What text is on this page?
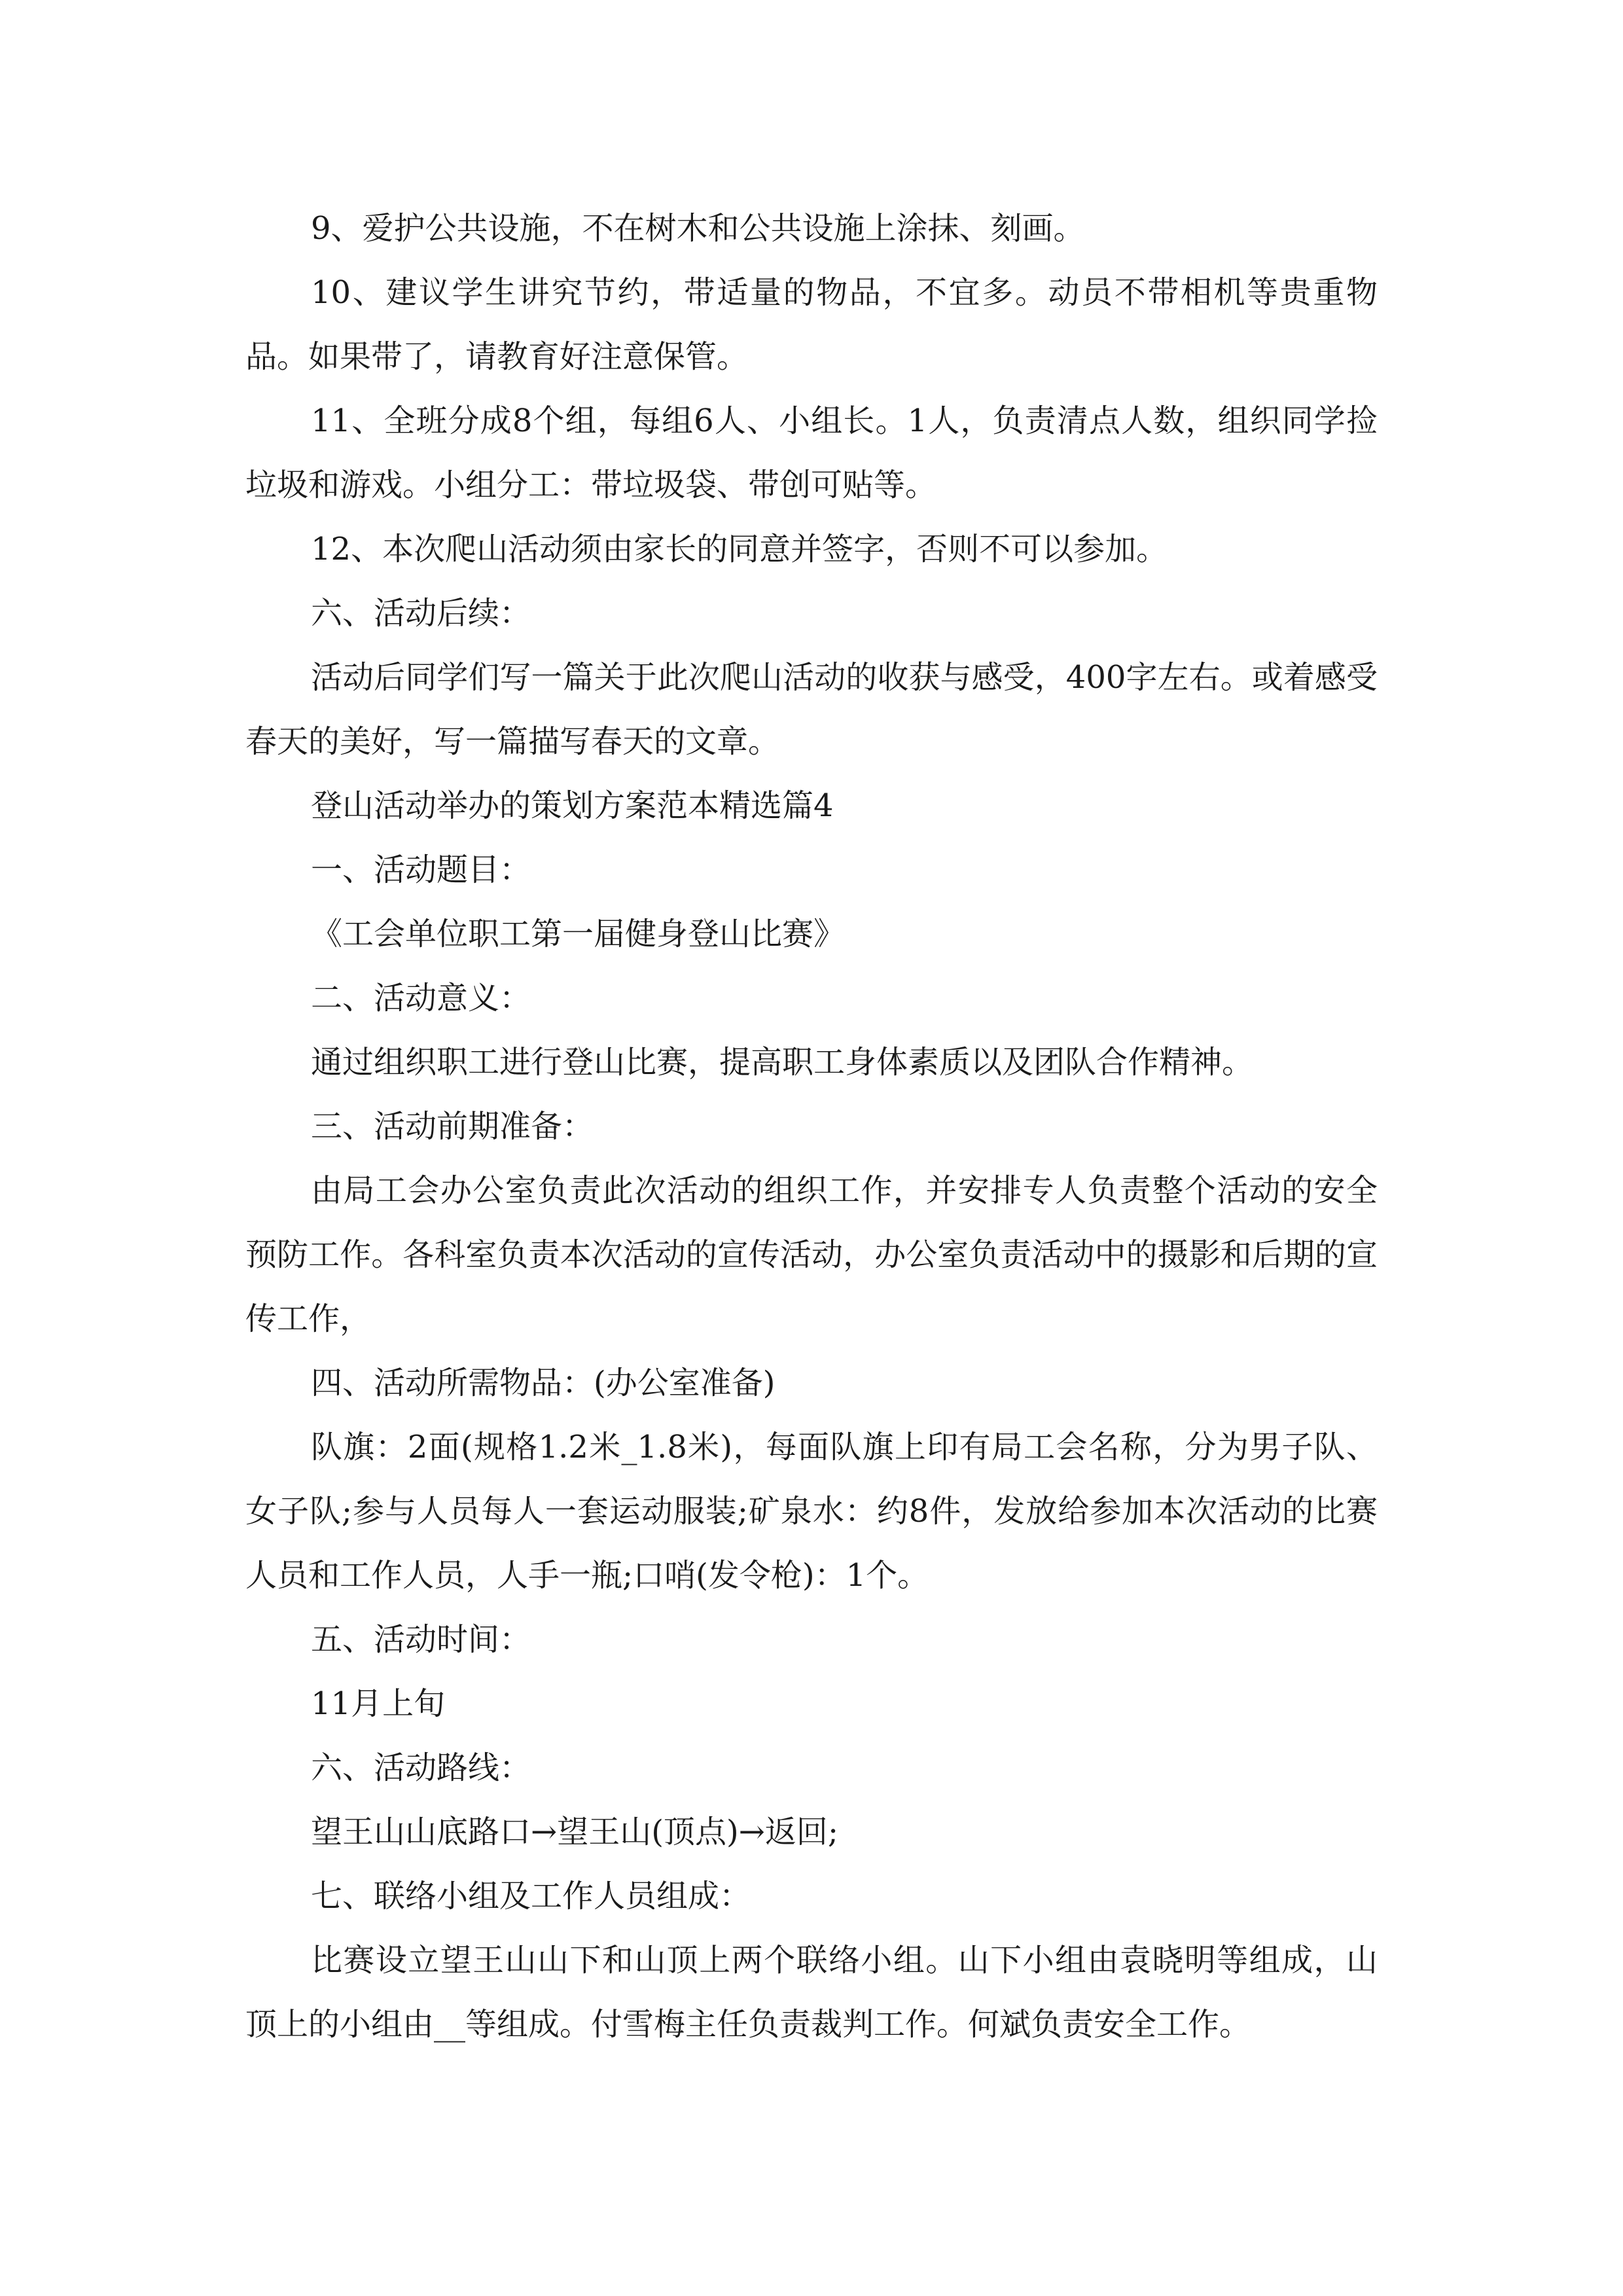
9、爱护公共设施，不在树木和公共设施上涂抹、刻画。

10、建议学生讲究节约，带适量的物品，不宜多。动员不带相机等贵重物品。如果带了，请教育好注意保管。

11、全班分成8个组，每组6人、小组长。1人，负责清点人数，组织同学捡垃圾和游戏。小组分工：带垃圾袋、带创可贴等。

12、本次爬山活动须由家长的同意并签字，否则不可以参加。

六、活动后续：

活动后同学们写一篇关于此次爬山活动的收获与感受，400字左右。或着感受春天的美好，写一篇描写春天的文章。

登山活动举办的策划方案范本精选篇4

一、活动题目：

《工会单位职工第一届健身登山比赛》

二、活动意义：

通过组织职工进行登山比赛，提高职工身体素质以及团队合作精神。

三、活动前期准备：

由局工会办公室负责此次活动的组织工作，并安排专人负责整个活动的安全预防工作。各科室负责本次活动的宣传活动，办公室负责活动中的摄影和后期的宣传工作，

四、活动所需物品：(办公室准备)

队旗：2面(规格1.2米_1.8米)，每面队旗上印有局工会名称，分为男子队、女子队;参与人员每人一套运动服装;矿泉水：约8件，发放给参加本次活动的比赛人员和工作人员，人手一瓶;口哨(发令枪)：1个。

五、活动时间：

11月上旬

六、活动路线：

望王山山底路口→望王山(顶点)→返回;

七、联络小组及工作人员组成：

比赛设立望王山山下和山顶上两个联络小组。山下小组由袁晓明等组成，山顶上的小组由__等组成。付雪梅主任负责裁判工作。何斌负责安全工作。
